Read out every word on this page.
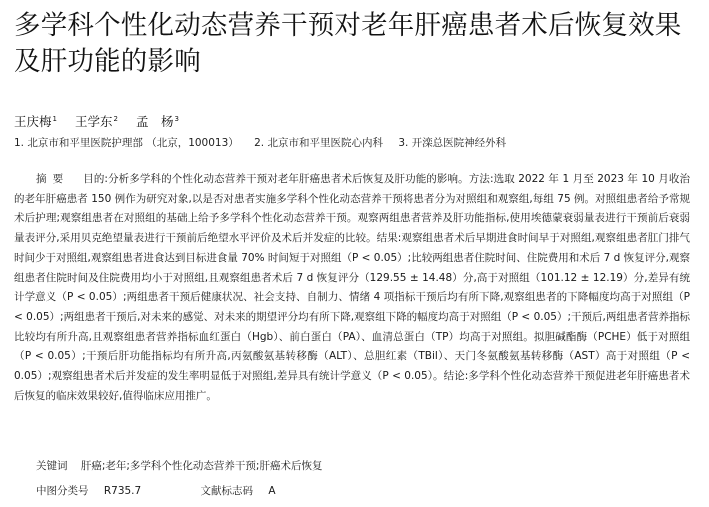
多学科个性化动态营养干预对老年肝癌患者术后恢复效果及肝功能的影响
王庆梅$^1$ 王学东$^2$ 孟　杨$^3$
1. 北京市和平里医院护理部 （北京，100013） 2. 北京市和平里医院心内科 3. 开滦总医院神经外科
摘要 目的:分析多学科的个性化动态营养干预对老年肝癌患者术后恢复及肝功能的影响。方法:选取 2022 年 1 月至 2023 年 10 月收治的老年肝癌患者 150 例作为研究对象,以是否对患者实施多学科个性化动态营养干预将患者分为对照组和观察组,每组 75 例。对照组患者给予常规术后护理;观察组患者在对照组的基础上给予多学科个性化动态营养干预。观察两组患者营养及肝功能指标,使用埃德蒙衰弱量表进行干预前后衰弱量表评分,采用贝克绝望量表进行干预前后绝望水平评价及术后并发症的比较。结果:观察组患者术后早期进食时间早于对照组,观察组患者肛门排气时间少于对照组,观察组患者进食达到目标进食量 70% 时间短于对照组（P < 0.05）;比较两组患者住院时间、住院费用和术后 7 d 恢复评分,观察组患者住院时间及住院费用均小于对照组,且观察组患者术后 7 d 恢复评分（129.55 ± 14.48）分,高于对照组（101.12 ± 12.19）分,差异有统计学意义（P < 0.05）;两组患者干预后健康状况、社会支持、自制力、情绪 4 项指标干预后均有所下降,观察组患者的下降幅度均高于对照组（P < 0.05）;两组患者干预后,对未来的感觉、对未来的期望评分均有所下降,观察组下降的幅度均高于对照组（P < 0.05）;干预后,两组患者营养指标比较均有所升高,且观察组患者营养指标血红蛋白（Hgb）、前白蛋白（PA）、血清总蛋白（TP）均高于对照组。拟胆碱酯酶（PCHE）低于对照组（P < 0.05）;干预后肝功能指标均有所升高,丙氨酸氨基转移酶（ALT）、总胆红素（TBil）、天门冬氨酸氨基转移酶（AST）高于对照组（P < 0.05）;观察组患者术后并发症的发生率明显低于对照组,差异具有统计学意义（P < 0.05）。结论:多学科个性化动态营养干预促进老年肝癌患者术后恢复的临床效果较好,值得临床应用推广。
关键词 肝癌;老年;多学科个性化动态营养干预;肝癌术后恢复
中图分类号 R735.7	文献标志码 A
